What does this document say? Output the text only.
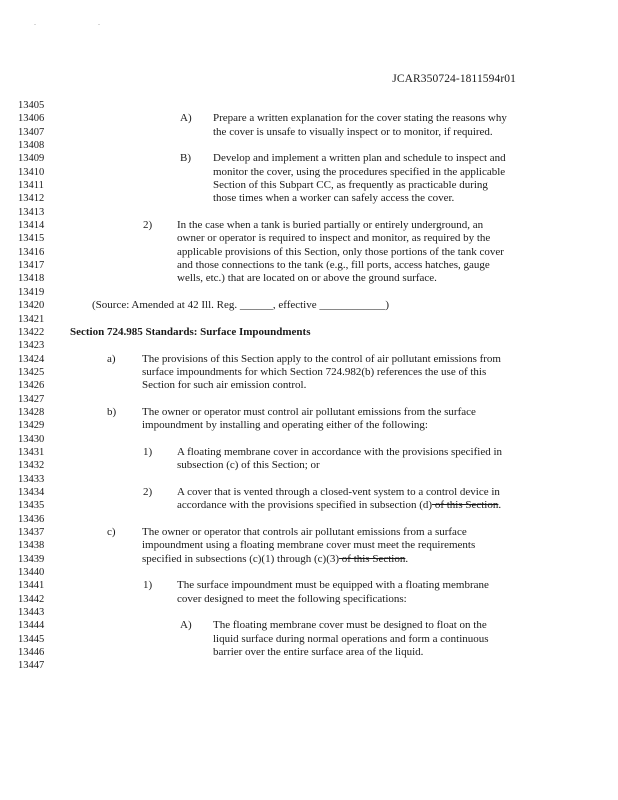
. .
JCAR350724-1811594r01
13405
13406	A) Prepare a written explanation for the cover stating the reasons why
13407	the cover is unsafe to visually inspect or to monitor, if required.
13408
13409	B) Develop and implement a written plan and schedule to inspect and
13410	monitor the cover, using the procedures specified in the applicable
13411	Section of this Subpart CC, as frequently as practicable during
13412	those times when a worker can safely access the cover.
13413
13414	2) In the case when a tank is buried partially or entirely underground, an
13415	owner or operator is required to inspect and monitor, as required by the
13416	applicable provisions of this Section, only those portions of the tank cover
13417	and those connections to the tank (e.g., fill ports, access hatches, gauge
13418	wells, etc.) that are located on or above the ground surface.
13419
13420	(Source: Amended at 42 Ill. Reg. ______, effective ____________)
13421
13422	Section 724.985 Standards: Surface Impoundments
13423
13424	a) The provisions of this Section apply to the control of air pollutant emissions from
13425	surface impoundments for which Section 724.982(b) references the use of this
13426	Section for such air emission control.
13427
13428	b) The owner or operator must control air pollutant emissions from the surface
13429	impoundment by installing and operating either of the following:
13430
13431	1) A floating membrane cover in accordance with the provisions specified in
13432	subsection (c) of this Section; or
13433
13434	2) A cover that is vented through a closed-vent system to a control device in
13435	accordance with the provisions specified in subsection (d) of this Section.
13436
13437	c) The owner or operator that controls air pollutant emissions from a surface
13438	impoundment using a floating membrane cover must meet the requirements
13439	specified in subsections (c)(1) through (c)(3) of this Section.
13440
13441	1) The surface impoundment must be equipped with a floating membrane
13442	cover designed to meet the following specifications:
13443
13444	A) The floating membrane cover must be designed to float on the
13445	liquid surface during normal operations and form a continuous
13446	barrier over the entire surface area of the liquid.
13447
